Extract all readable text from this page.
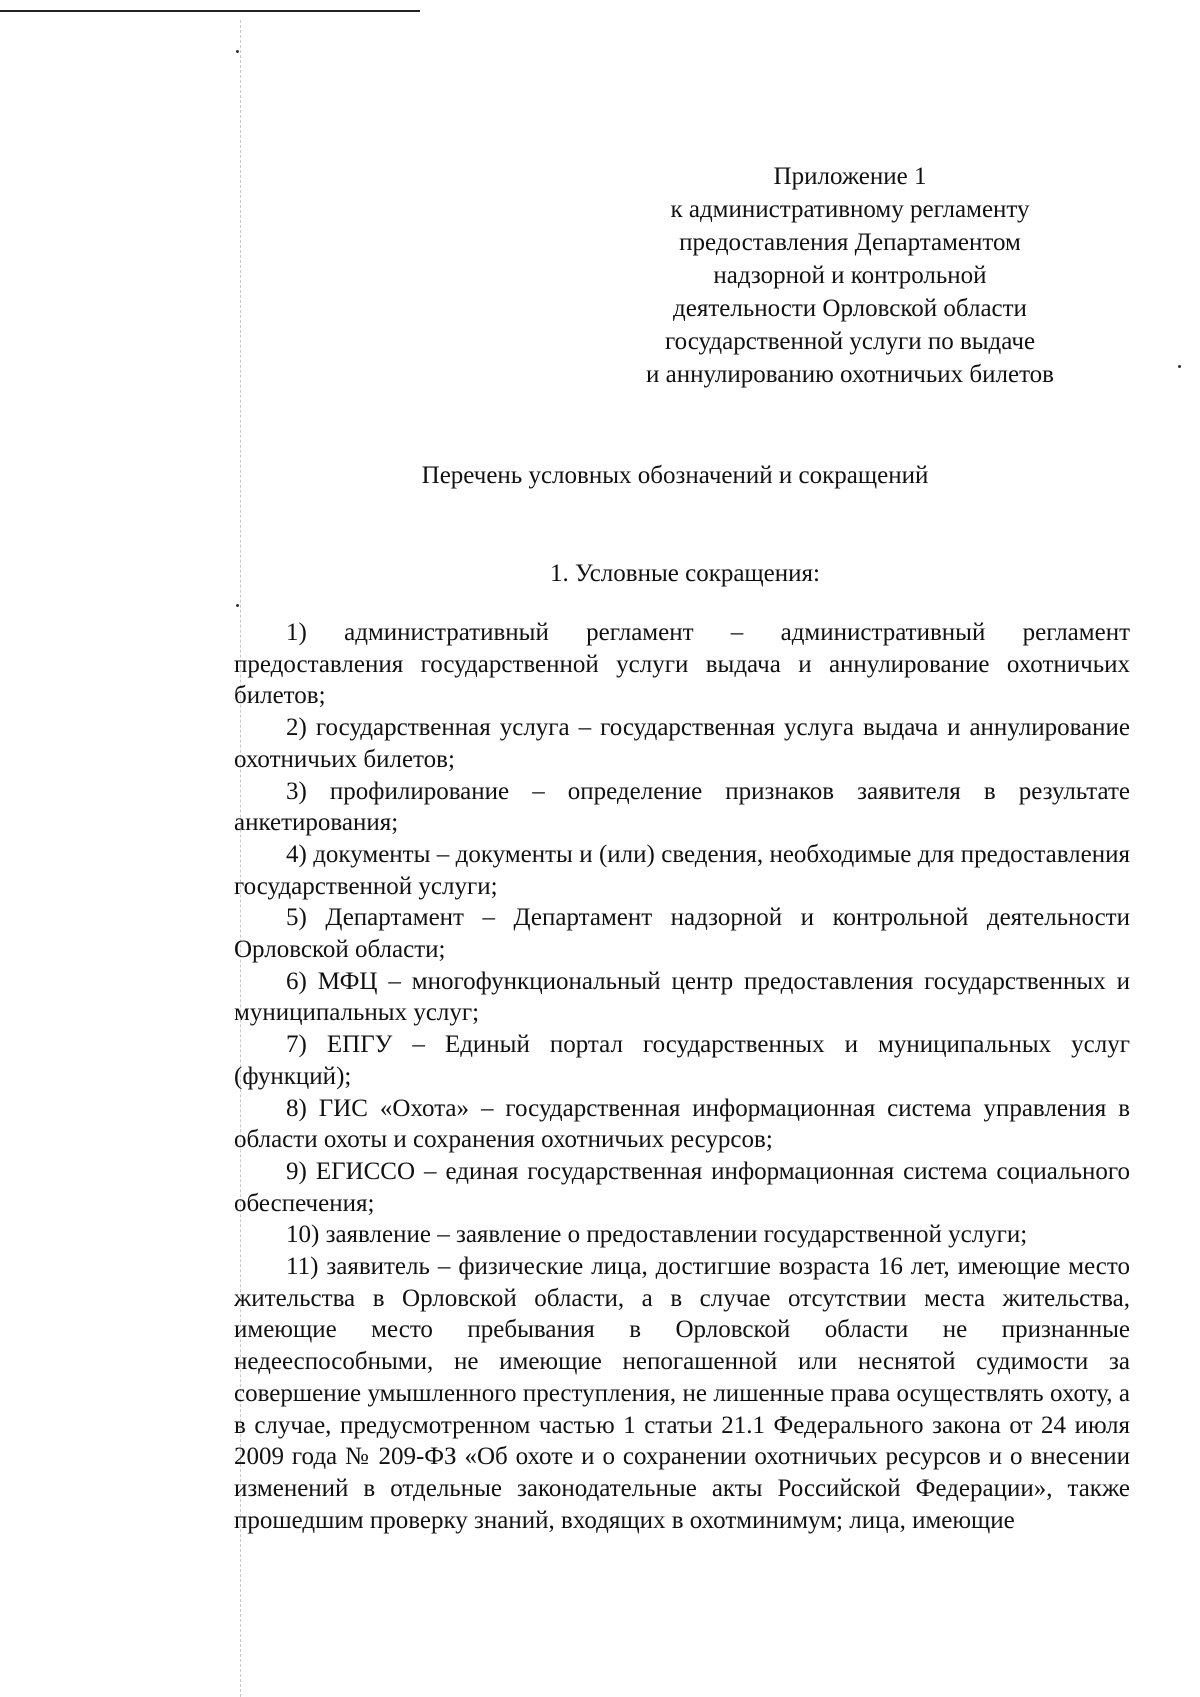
Приложение 1
к административному регламенту
предоставления Департаментом
надзорной и контрольной
деятельности Орловской области
государственной услуги по выдаче
и аннулированию охотничьих билетов
Перечень условных обозначений и сокращений
1. Условные сокращения:

1) административный регламент – административный регламент предоставления государственной услуги выдача и аннулирование охотничьих билетов;

2) государственная услуга – государственная услуга выдача и аннулирование охотничьих билетов;

3) профилирование – определение признаков заявителя в результате анкетирования;

4) документы – документы и (или) сведения, необходимые для предоставления государственной услуги;

5) Департамент – Департамент надзорной и контрольной деятельности Орловской области;

6) МФЦ – многофункциональный центр предоставления государственных и муниципальных услуг;

7) ЕПГУ – Единый портал государственных и муниципальных услуг (функций);

8) ГИС «Охота» – государственная информационная система управления в области охоты и сохранения охотничьих ресурсов;

9) ЕГИССО – единая государственная информационная система социального обеспечения;

10) заявление – заявление о предоставлении государственной услуги;

11) заявитель – физические лица, достигшие возраста 16 лет, имеющие место жительства в Орловской области, а в случае отсутствии места жительства, имеющие место пребывания в Орловской области не признанные недееспособными, не имеющие непогашенной или неснятой судимости за совершение умышленного преступления, не лишенные права осуществлять охоту, а в случае, предусмотренном частью 1 статьи 21.1 Федерального закона от 24 июля 2009 года № 209-ФЗ «Об охоте и о сохранении охотничьих ресурсов и о внесении изменений в отдельные законодательные акты Российской Федерации», также прошедшим проверку знаний, входящих в охотминимум; лица, имеющие
